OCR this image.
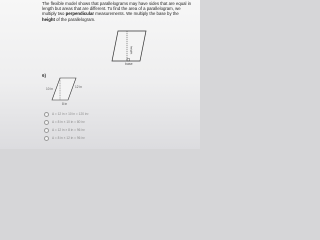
The flexible model shows that parallelograms may have sides that are equal in length but areas that are different. To find the area of a parallelogram, we multiply two perpendicular measurements. We multiply the base by the height of the parallelogram.

height
base
6)
12 in
10 in
8 in
A = 12 in × 10 in = 120 in²
A = 8 in × 10 in = 80 in²
A = 12 in × 8 in = 96 in²
A = 8 in × 12 in = 96 in²
